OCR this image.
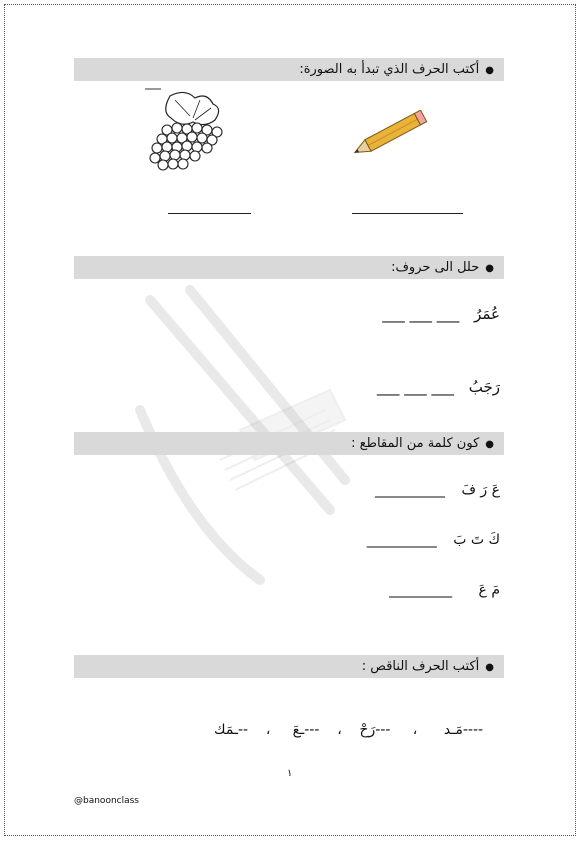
●أكتب الحرف الذي تبدأ به الصورة:
●حلل الى حروف:
عُمَرُ ___ ___ ___
رَجَبُ ___ ___ ___
●كون كلمة من المقاطع :
عَ رَ فَ __________
كَ تَ بَ __________
مَ عَ _________
●أكتب الحرف الناقص :

----مَـد      ،     ---رَحْ    ،    ---ـعَ     ،    --ـمَك

١
@banoonclass
